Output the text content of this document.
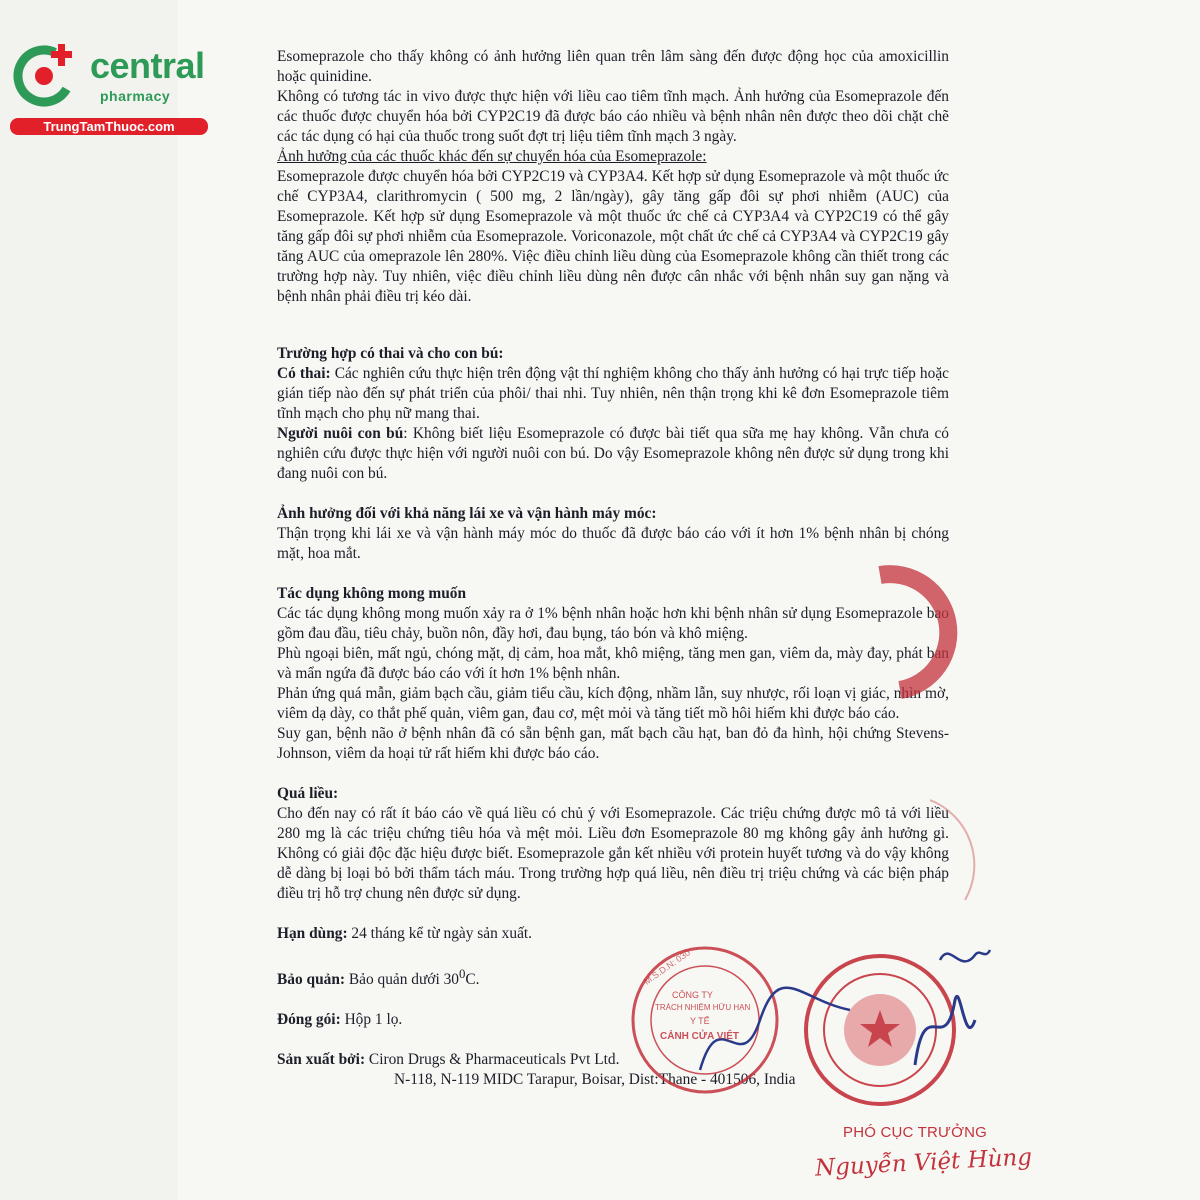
central
pharmacy
TrungTamThuoc.com

Esomeprazole cho thấy không có ảnh hưởng liên quan trên lâm sàng đến được động học của amoxicillin hoặc quinidine.

Không có tương tác in vivo được thực hiện với liều cao tiêm tĩnh mạch. Ảnh hưởng của Esomeprazole đến các thuốc được chuyển hóa bởi CYP2C19 đã được báo cáo nhiều và bệnh nhân nên được theo dõi chặt chẽ các tác dụng có hại của thuốc trong suốt đợt trị liệu tiêm tĩnh mạch 3 ngày.

Ảnh hưởng của các thuốc khác đến sự chuyển hóa của Esomeprazole:

Esomeprazole được chuyển hóa bởi CYP2C19 và CYP3A4. Kết hợp sử dụng Esomeprazole và một thuốc ức chế CYP3A4, clarithromycin ( 500 mg, 2 lần/ngày), gây tăng gấp đôi sự phơi nhiễm (AUC) của Esomeprazole. Kết hợp sử dụng Esomeprazole và một thuốc ức chế cả CYP3A4 và CYP2C19 có thể gây tăng gấp đôi sự phơi nhiễm của Esomeprazole. Voriconazole, một chất ức chế cả CYP3A4 và CYP2C19 gây tăng AUC của omeprazole lên 280%. Việc điều chỉnh liều dùng của Esomeprazole không cần thiết trong các trường hợp này. Tuy nhiên, việc điều chỉnh liều dùng nên được cân nhắc với bệnh nhân suy gan nặng và bệnh nhân phải điều trị kéo dài.

Trường hợp có thai và cho con bú:

Có thai: Các nghiên cứu thực hiện trên động vật thí nghiệm không cho thấy ảnh hưởng có hại trực tiếp hoặc gián tiếp nào đến sự phát triển của phôi/ thai nhi. Tuy nhiên, nên thận trọng khi kê đơn Esomeprazole tiêm tĩnh mạch cho phụ nữ mang thai.

Người nuôi con bú: Không biết liệu Esomeprazole có được bài tiết qua sữa mẹ hay không. Vẫn chưa có nghiên cứu được thực hiện với người nuôi con bú. Do vậy Esomeprazole không nên được sử dụng trong khi đang nuôi con bú.

Ảnh hưởng đối với khả năng lái xe và vận hành máy móc:

Thận trọng khi lái xe và vận hành máy móc do thuốc đã được báo cáo với ít hơn 1% bệnh nhân bị chóng mặt, hoa mắt.

Tác dụng không mong muốn

Các tác dụng không mong muốn xảy ra ở 1% bệnh nhân hoặc hơn khi bệnh nhân sử dụng Esomeprazole bao gồm đau đầu, tiêu chảy, buồn nôn, đầy hơi, đau bụng, táo bón và khô miệng.

Phù ngoại biên, mất ngủ, chóng mặt, dị cảm, hoa mắt, khô miệng, tăng men gan, viêm da, mày đay, phát ban và mẩn ngứa đã được báo cáo với ít hơn 1% bệnh nhân.

Phản ứng quá mẫn, giảm bạch cầu, giảm tiểu cầu, kích động, nhầm lẫn, suy nhược, rối loạn vị giác, nhìn mờ, viêm dạ dày, co thắt phế quản, viêm gan, đau cơ, mệt mỏi và tăng tiết mồ hôi hiếm khi được báo cáo.

Suy gan, bệnh não ở bệnh nhân đã có sẵn bệnh gan, mất bạch cầu hạt, ban đỏ đa hình, hội chứng Stevens-Johnson, viêm da hoại tử rất hiếm khi được báo cáo.

Quá liều:

Cho đến nay có rất ít báo cáo về quá liều có chủ ý với Esomeprazole. Các triệu chứng được mô tả với liều 280 mg là các triệu chứng tiêu hóa và mệt mỏi. Liều đơn Esomeprazole 80 mg không gây ảnh hưởng gì. Không có giải độc đặc hiệu được biết. Esomeprazole gắn kết nhiều với protein huyết tương và do vậy không dễ dàng bị loại bỏ bởi thẩm tách máu. Trong trường hợp quá liều, nên điều trị triệu chứng và các biện pháp điều trị hỗ trợ chung nên được sử dụng.

Hạn dùng: 24 tháng kể từ ngày sản xuất.

Bảo quản: Bảo quản dưới $30^0C$.

Đóng gói: Hộp 1 lọ.

Sản xuất bởi: Ciron Drugs & Pharmaceuticals Pvt Ltd.

N-118, N-119 MIDC Tarapur, Boisar, Dist:Thane - 401506, India

CÔNG TY
TRÁCH NHIỆM HỮU HẠN
Y TẾ
CẢNH CỬA VIỆT
M.S.D.N: 030
PHÓ CỤC TRƯỞNG
Nguyễn Việt Hùng
